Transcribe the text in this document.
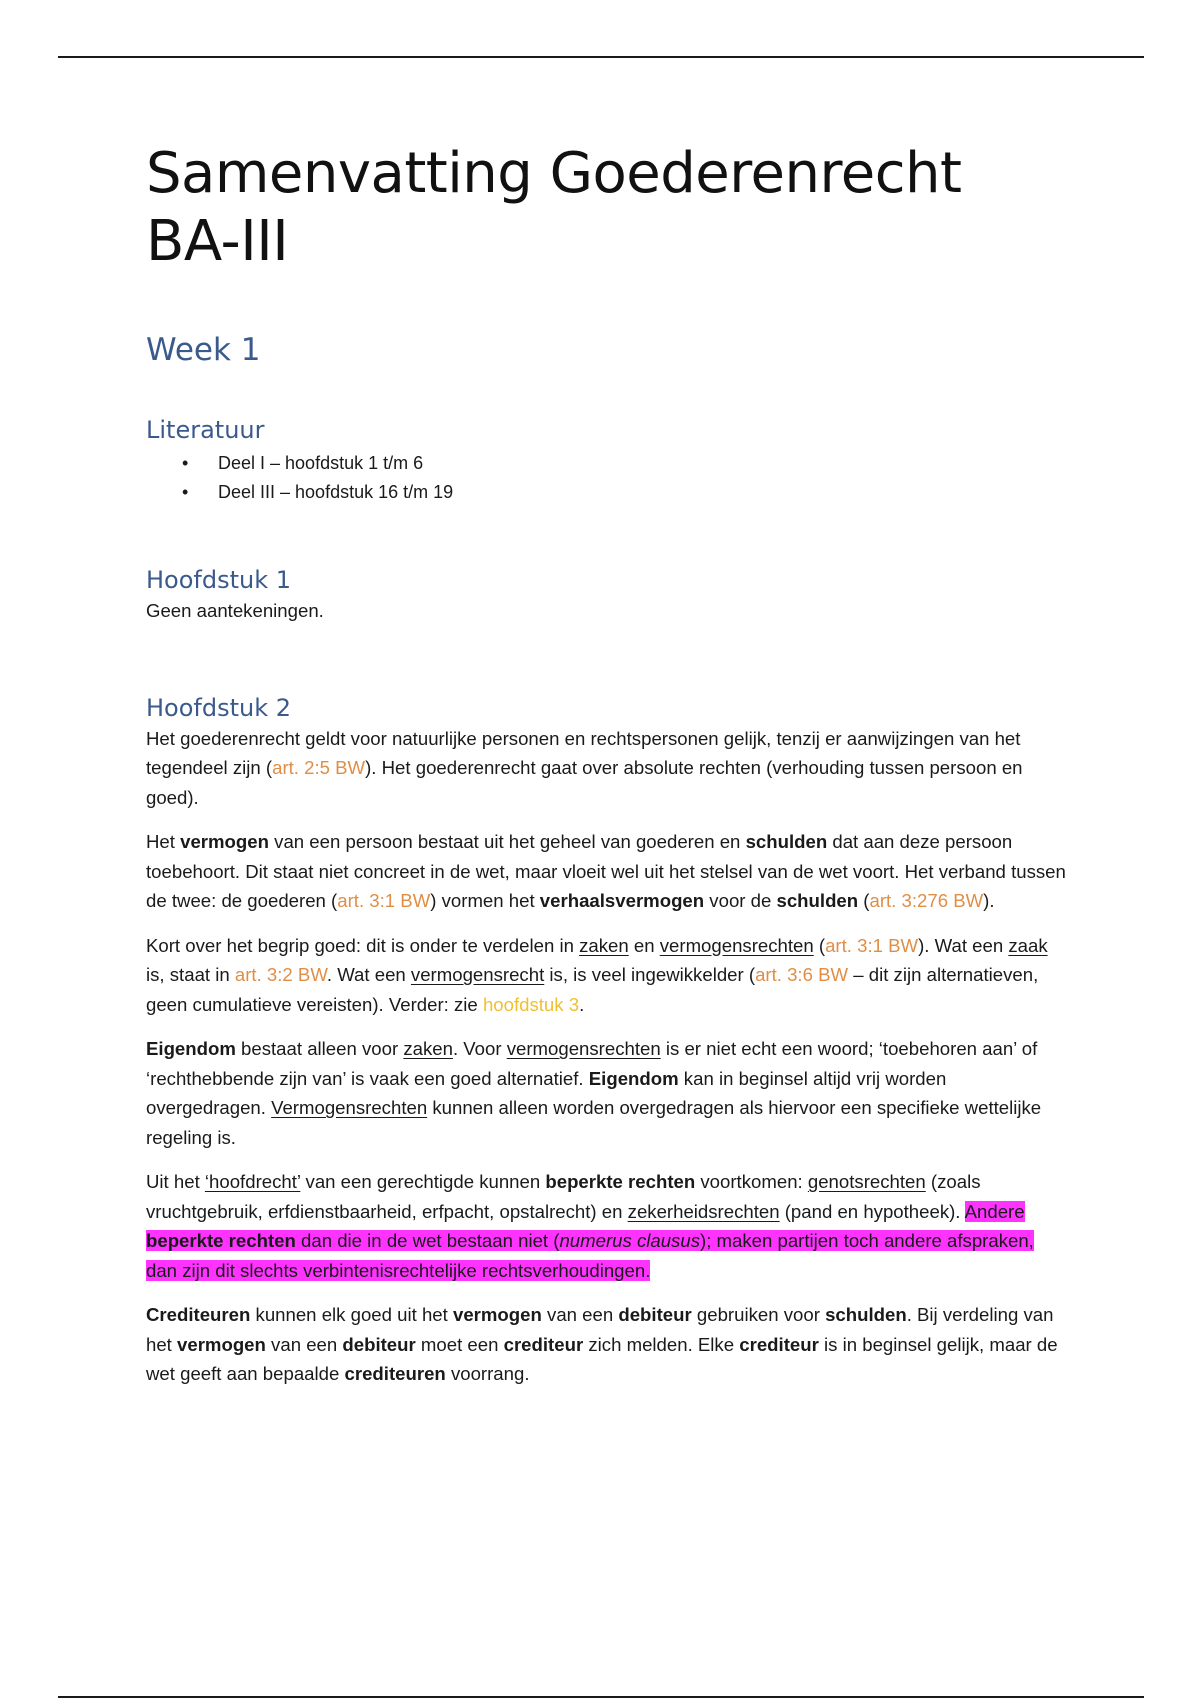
Samenvatting Goederenrecht BA-III
Week 1
Literatuur
• Deel I – hoofdstuk 1 t/m 6
• Deel III – hoofdstuk 16 t/m 19
Hoofdstuk 1

Geen aantekeningen.

Hoofdstuk 2

Het goederenrecht geldt voor natuurlijke personen en rechtspersonen gelijk, tenzij er aanwijzingen van het tegendeel zijn (art. 2:5 BW). Het goederenrecht gaat over absolute rechten (verhouding tussen persoon en goed).

Het vermogen van een persoon bestaat uit het geheel van goederen en schulden dat aan deze persoon toebehoort. Dit staat niet concreet in de wet, maar vloeit wel uit het stelsel van de wet voort. Het verband tussen de twee: de goederen (art. 3:1 BW) vormen het verhaalsvermogen voor de schulden (art. 3:276 BW).

Kort over het begrip goed: dit is onder te verdelen in zaken en vermogensrechten (art. 3:1 BW). Wat een zaak is, staat in art. 3:2 BW. Wat een vermogensrecht is, is veel ingewikkelder (art. 3:6 BW – dit zijn alternatieven, geen cumulatieve vereisten). Verder: zie hoofdstuk 3.

Eigendom bestaat alleen voor zaken. Voor vermogensrechten is er niet echt een woord; ‘toebehoren aan’ of ‘rechthebbende zijn van’ is vaak een goed alternatief. Eigendom kan in beginsel altijd vrij worden overgedragen. Vermogensrechten kunnen alleen worden overgedragen als hiervoor een specifieke wettelijke regeling is.

Uit het ‘hoofdrecht’ van een gerechtigde kunnen beperkte rechten voortkomen: genotsrechten (zoals vruchtgebruik, erfdienstbaarheid, erfpacht, opstalrecht) en zekerheidsrechten (pand en hypotheek). Andere beperkte rechten dan die in de wet bestaan niet (numerus clausus); maken partijen toch andere afspraken, dan zijn dit slechts verbintenisrechtelijke rechtsverhoudingen.

Crediteuren kunnen elk goed uit het vermogen van een debiteur gebruiken voor schulden. Bij verdeling van het vermogen van een debiteur moet een crediteur zich melden. Elke crediteur is in beginsel gelijk, maar de wet geeft aan bepaalde crediteuren voorrang.
